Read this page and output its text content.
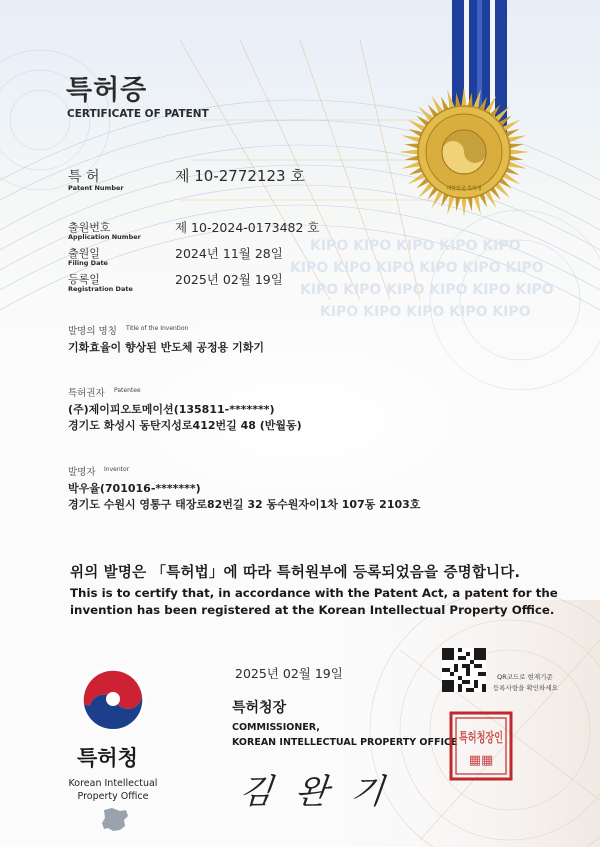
KIPO KIPO KIPO KIPO KIPO
KIPO KIPO KIPO KIPO KIPO KIPO
KIPO KIPO KIPO KIPO KIPO KIPO
KIPO KIPO KIPO KIPO KIPO
대한민국 특허청
특허증
CERTIFICATE OF PATENT
특 허
Patent Number
제 10-2772123 호
출원번호
Application Number
제 10-2024-0173482 호
출원일
Filing Date
2024년 11월 28일
등록일
Registration Date
2025년 02월 19일
발명의 명칭 Title of the Invention
기화효율이 향상된 반도체 공정용 기화기
특허권자 Patentee
(주)제이피오토메이션(135811-*******)
경기도 화성시 동탄지성로412번길 48 (반월동)
발명자 Inventor
박우율(701016-*******)
경기도 수원시 영통구 태장로82번길 32 동수원자이1차 107동 2103호
위의 발명은 「특허법」에 따라 특허원부에 등록되었음을 증명합니다.
This is to certify that, in accordance with the Patent Act, a patent for the
invention has been registered at the Korean Intellectual Property Office.
2025년 02월 19일	QR코드로 현재기준
등록사항을 확인하세요
특허청장
COMMISSIONER,
KOREAN INTELLECTUAL PROPERTY OFFICE
김 완 기
특허청장인
▦▦
특허청
Korean Intellectual
Property Office
